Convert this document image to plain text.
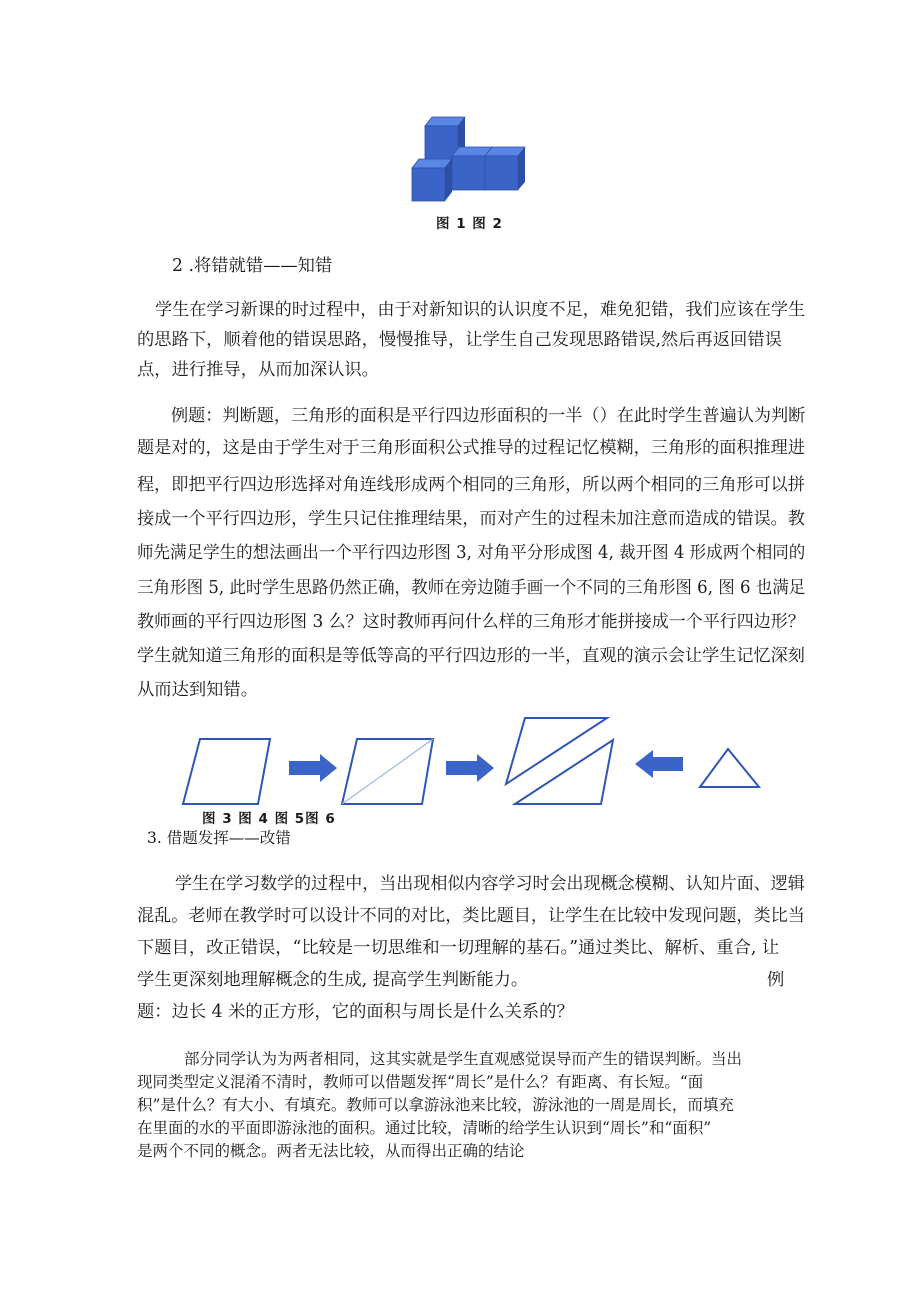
图 1 图 2
2 .将错就错——知错
学生在学习新课的时过程中，由于对新知识的认识度不足，难免犯错，我们应该在学生
的思路下，顺着他的错误思路，慢慢推导，让学生自己发现思路错误,然后再返回错误
点，进行推导，从而加深认识。
例题：判断题，三角形的面积是平行四边形面积的一半（）在此时学生普遍认为判断
题是对的，这是由于学生对于三角形面积公式推导的过程记忆模糊，三角形的面积推理进
程，即把平行四边形选择对角连线形成两个相同的三角形，所以两个相同的三角形可以拼
接成一个平行四边形，学生只记住推理结果，而对产生的过程未加注意而造成的错误。教
师先满足学生的想法画出一个平行四边形图 3, 对角平分形成图 4, 裁开图 4 形成两个相同的
三角形图 5, 此时学生思路仍然正确，教师在旁边随手画一个不同的三角形图 6, 图 6 也满足
教师画的平行四边形图 3 么？这时教师再问什么样的三角形才能拼接成一个平行四边形？
学生就知道三角形的面积是等低等高的平行四边形的一半，直观的演示会让学生记忆深刻
从而达到知错。
图 3 图 4 图 5图 6
3. 借题发挥——改错
学生在学习数学的过程中，当出现相似内容学习时会出现概念模糊、认知片面、逻辑
混乱。老师在教学时可以设计不同的对比，类比题目，让学生在比较中发现问题，类比当
下题目，改正错误，“比较是一切思维和一切理解的基石。”通过类比、解析、重合, 让
学生更深刻地理解概念的生成, 提高学生判断能力。	例
题：边长 4 米的正方形，它的面积与周长是什么关系的？
部分同学认为为两者相同，这其实就是学生直观感觉误导而产生的错误判断。当出
现同类型定义混淆不清时，教师可以借题发挥“周长”是什么？有距离、有长短。“面
积”是什么？有大小、有填充。教师可以拿游泳池来比较，游泳池的一周是周长，而填充
在里面的水的平面即游泳池的面积。通过比较，清晰的给学生认识到“周长”和“面积”
是两个不同的概念。两者无法比较，从而得出正确的结论
